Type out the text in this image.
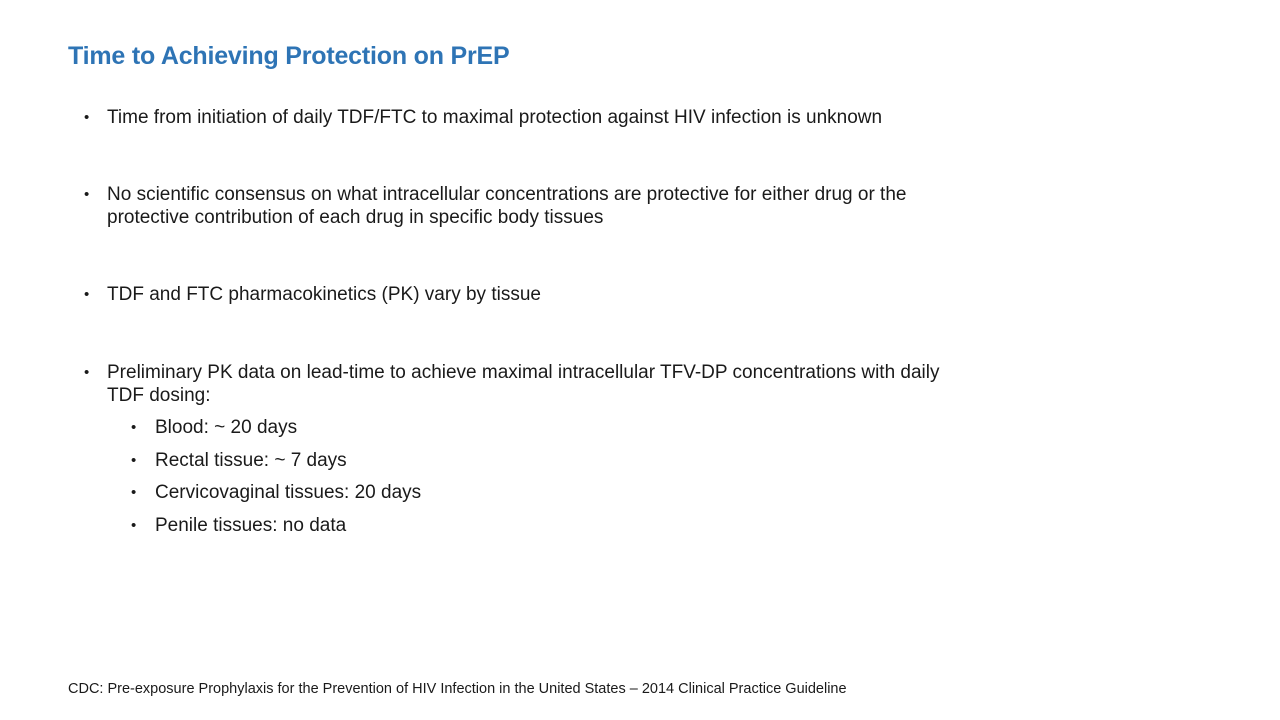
Time to Achieving Protection on PrEP
• Time from initiation of daily TDF/FTC to maximal protection against HIV infection is unknown
• No scientific consensus on what intracellular concentrations are protective for either drug or the protective contribution of each drug in specific body tissues
• TDF and FTC pharmacokinetics (PK) vary by tissue
• Preliminary PK data on lead-time to achieve maximal intracellular TFV-DP concentrations with daily TDF dosing:
• Blood: ~ 20 days
• Rectal tissue: ~ 7 days
• Cervicovaginal tissues: 20 days
• Penile tissues: no data
CDC: Pre-exposure Prophylaxis for the Prevention of HIV Infection in the United States – 2014 Clinical Practice Guideline
